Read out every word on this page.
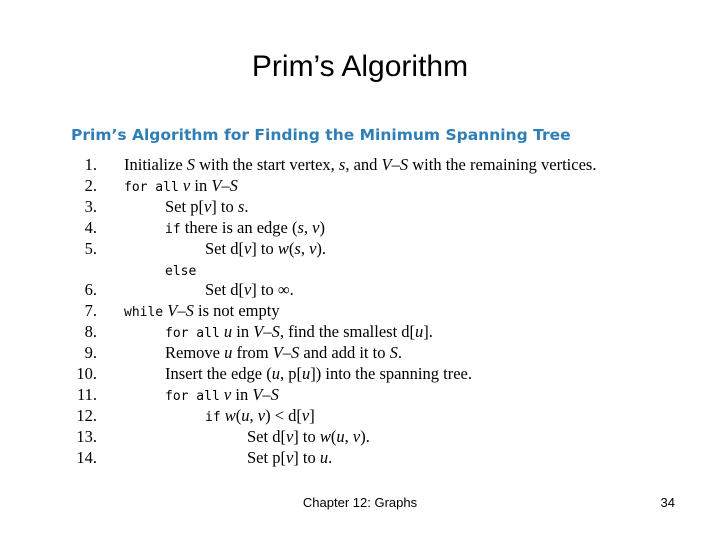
Prim’s Algorithm
Prim’s Algorithm for Finding the Minimum Spanning Tree
1. Initialize S with the start vertex, s, and V–S with the remaining vertices.
2. for all v in V–S
3.	Set p[v] to s.
4.	if there is an edge (s, v)
5.	Set d[v] to w(s, v).
else
6.	Set d[v] to ∞.
7. while V–S is not empty
8.	for all u in V–S, find the smallest d[u].
9.	Remove u from V–S and add it to S.
10.	Insert the edge (u, p[u]) into the spanning tree.
11.	for all v in V–S
12.	if w(u, v) < d[v]
13.	Set d[v] to w(u, v).
14.	Set p[v] to u.
Chapter 12: Graphs	34
